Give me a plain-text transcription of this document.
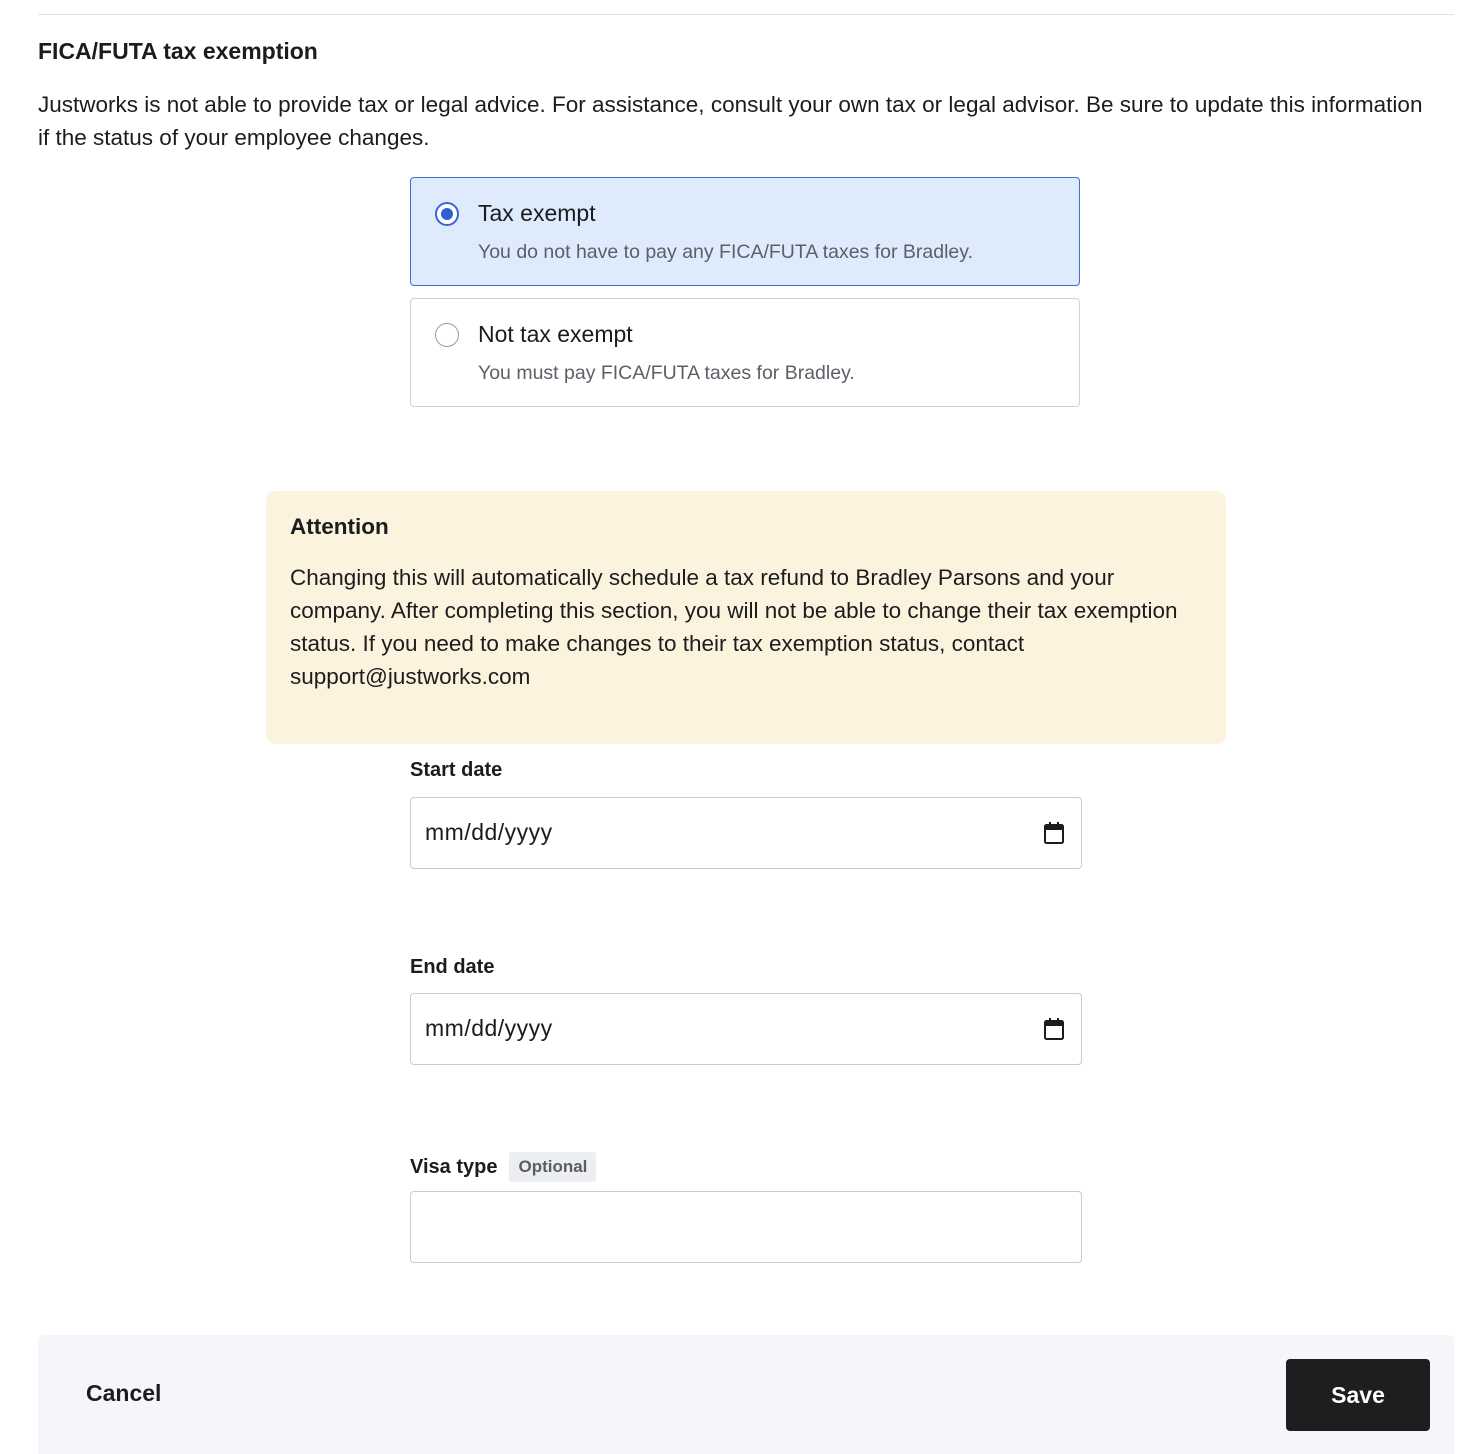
FICA/FUTA tax exemption

Justworks is not able to provide tax or legal advice. For assistance, consult your own tax or legal advisor. Be sure to update this information if the status of your employee changes.

Tax exempt
You do not have to pay any FICA/FUTA taxes for Bradley.
Not tax exempt
You must pay FICA/FUTA taxes for Bradley.

Attention

Changing this will automatically schedule a tax refund to Bradley Parsons and your company. After completing this section, you will not be able to change their tax exemption status. If you need to make changes to their tax exemption status, contact support@justworks.com

Start date
mm/dd/yyyy
End date
mm/dd/yyyy
Visa type	Optional
Cancel	Save
